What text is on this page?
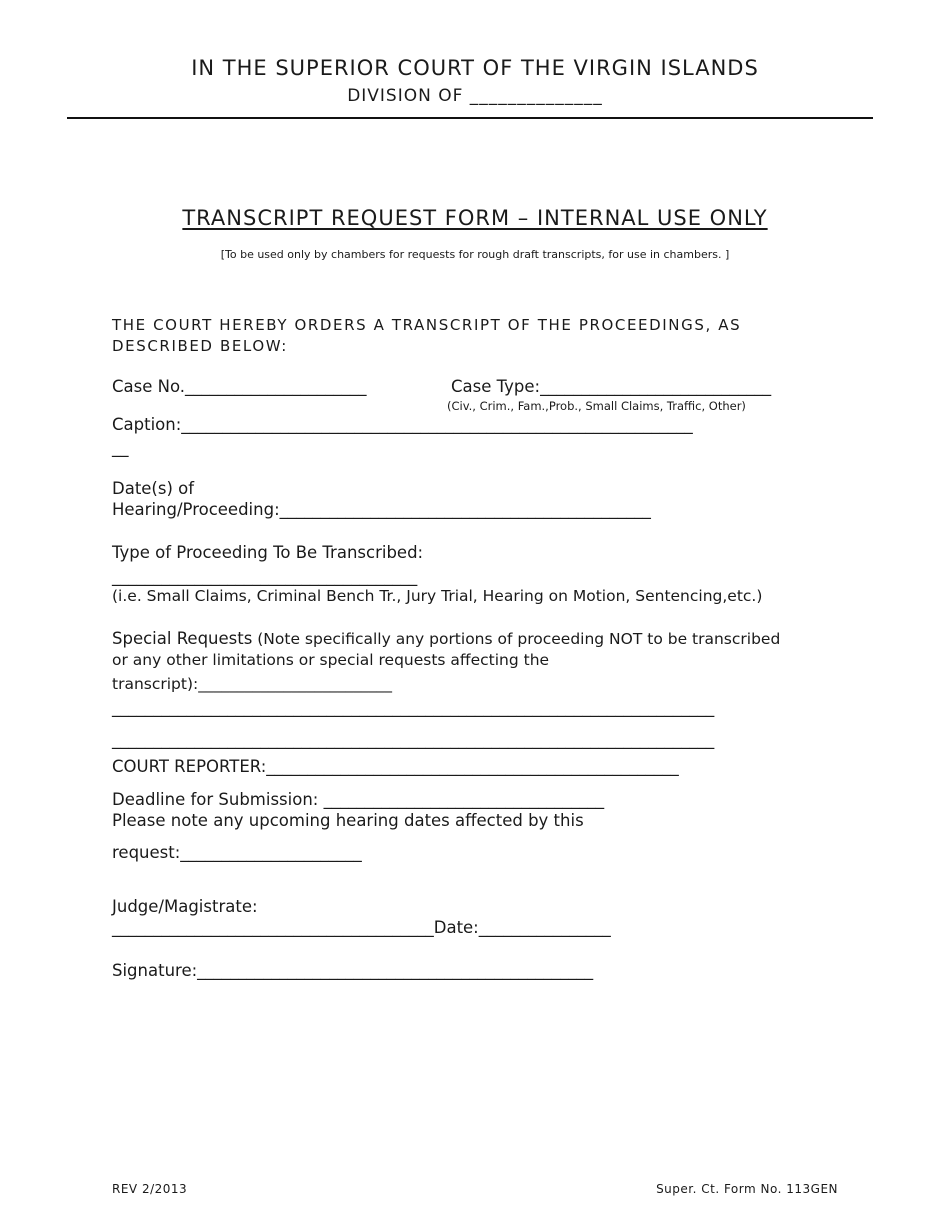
IN THE SUPERIOR COURT OF THE VIRGIN ISLANDS
DIVISION OF ______________
TRANSCRIPT REQUEST FORM – INTERNAL USE ONLY
[To be used only by chambers for requests for rough draft transcripts, for use in chambers. ]
THE COURT HEREBY ORDERS A TRANSCRIPT OF THE PROCEEDINGS, AS
DESCRIBED BELOW:
Case No.______________________	Case Type:____________________________
(Civ., Crim., Fam.,Prob., Small Claims, Traffic, Other)
Caption:______________________________________________________________
__
Date(s) of
Hearing/Proceeding:_____________________________________________
Type of Proceeding To Be Transcribed:
_____________________________________
(i.e. Small Claims, Criminal Bench Tr., Jury Trial, Hearing on Motion, Sentencing,etc.)
Special Requests (Note specifically any portions of proceeding NOT to be transcribed
or any other limitations or special requests affecting the
transcript):_________________________
_________________________________________________________________________
_________________________________________________________________________
COURT REPORTER:__________________________________________________
Deadline for Submission: __________________________________
Please note any upcoming hearing dates affected by this
request:______________________
Judge/Magistrate:
_______________________________________Date:________________
Signature:________________________________________________
REV 2/2013	Super. Ct. Form No. 113GEN
